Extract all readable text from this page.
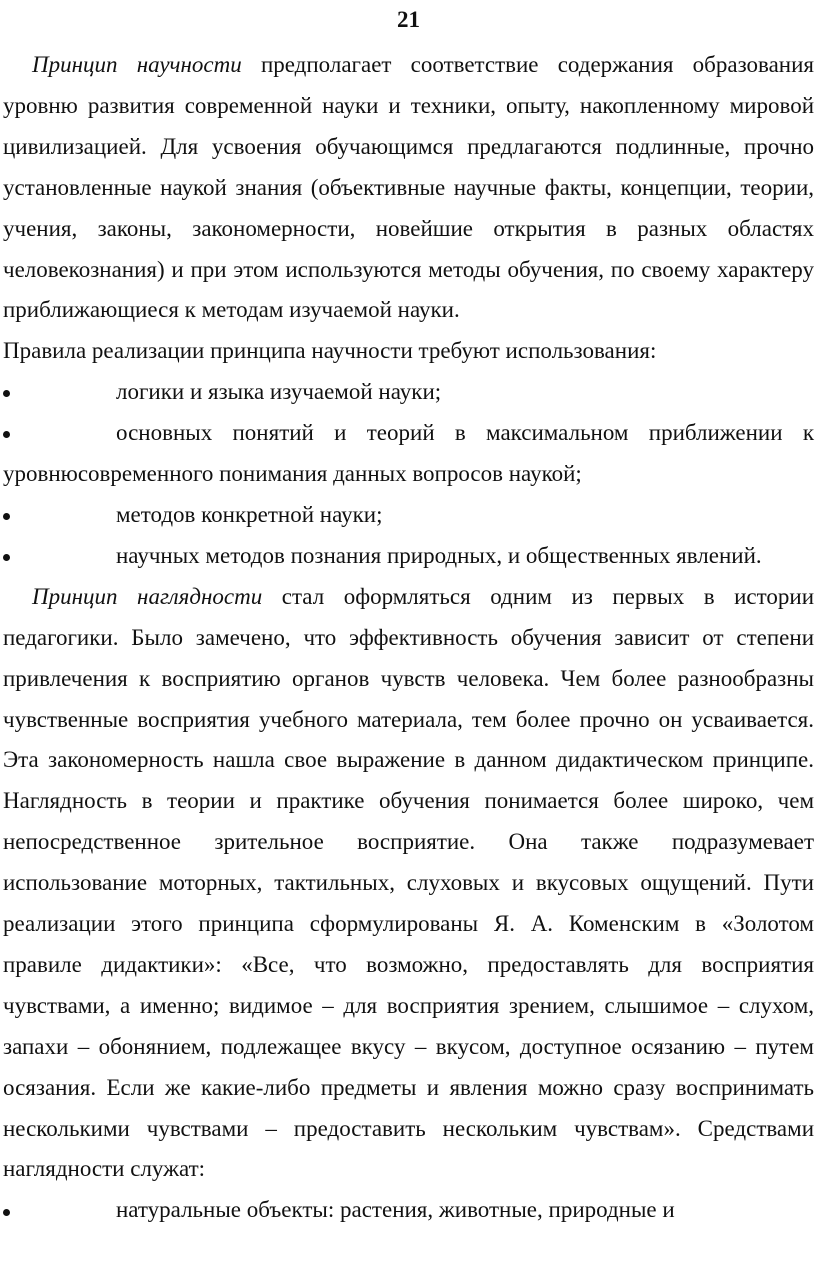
21

Принцип научности предполагает соответствие содержания образования уровню развития современной науки и техники, опыту, накопленному мировой цивилизацией. Для усвоения обучающимся предлагаются подлинные, прочно установленные наукой знания (объективные научные факты, концепции, теории, учения, законы, закономерности, новейшие открытия в разных областях человекознания) и при этом используются методы обучения, по своему характеру приближающиеся к методам изучаемой науки.

Правила реализации принципа научности требуют использования:

логики и языка изучаемой науки;

основных понятий и теорий в максимальном приближении к уровнюсовременного понимания данных вопросов наукой;

методов конкретной науки;

научных методов познания природных, и общественных явлений.

Принцип наглядности стал оформляться одним из первых в истории педагогики. Было замечено, что эффективность обучения зависит от степени привлечения к восприятию органов чувств человека. Чем более разнообразны чувственные восприятия учебного материала, тем более прочно он усваивается. Эта закономерность нашла свое выражение в данном дидактическом принципе. Наглядность в теории и практике обучения понимается более широко, чем непосредственное зрительное восприятие. Она также подразумевает использование моторных, тактильных, слуховых и вкусовых ощущений. Пути реализации этого принципа сформулированы Я. А. Коменским в «Золотом правиле дидактики»: «Все, что возможно, предоставлять для восприятия чувствами, а именно; видимое – для восприятия зрением, слышимое – слухом, запахи – обонянием, подлежащее вкусу – вкусом, доступное осязанию – путем осязания. Если же какие-либо предметы и явления можно сразу воспринимать несколькими чувствами – предоставить нескольким чувствам». Средствами наглядности служат:

натуральные объекты: растения, животные, природные и
